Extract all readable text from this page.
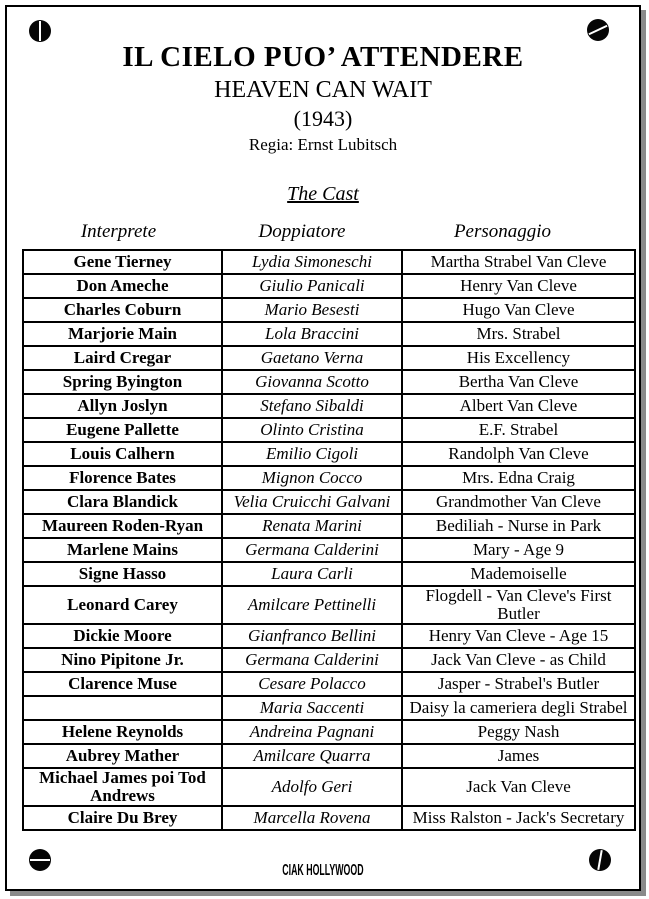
IL CIELO PUO’ ATTENDERE
HEAVEN CAN WAIT
(1943)
Regia: Ernst Lubitsch
The Cast
Interprete	Doppiatore	Personaggio
Gene Tierney	Lydia Simoneschi	Martha Strabel Van Cleve
Don Ameche	Giulio Panicali	Henry Van Cleve
Charles Coburn	Mario Besesti	Hugo Van Cleve
Marjorie Main	Lola Braccini	Mrs. Strabel
Laird Cregar	Gaetano Verna	His Excellency
Spring Byington	Giovanna Scotto	Bertha Van Cleve
Allyn Joslyn	Stefano Sibaldi	Albert Van Cleve
Eugene Pallette	Olinto Cristina	E.F. Strabel
Louis Calhern	Emilio Cigoli	Randolph Van Cleve
Florence Bates	Mignon Cocco	Mrs. Edna Craig
Clara Blandick	Velia Cruicchi Galvani	Grandmother Van Cleve
Maureen Roden-Ryan	Renata Marini	Bediliah - Nurse in Park
Marlene Mains	Germana Calderini	Mary - Age 9
Signe Hasso	Laura Carli	Mademoiselle
Leonard Carey	Amilcare Pettinelli	Flogdell - Van Cleve's First Butler
Dickie Moore	Gianfranco Bellini	Henry Van Cleve - Age 15
Nino Pipitone Jr.	Germana Calderini	Jack Van Cleve - as Child
Clarence Muse	Cesare Polacco	Jasper - Strabel's Butler
	Maria Saccenti	Daisy la cameriera degli Strabel
Helene Reynolds	Andreina Pagnani	Peggy Nash
Aubrey Mather	Amilcare Quarra	James
Michael James poi Tod Andrews	Adolfo Geri	Jack Van Cleve
Claire Du Brey	Marcella Rovena	Miss Ralston - Jack's Secretary
CIAK HOLLYWOOD
